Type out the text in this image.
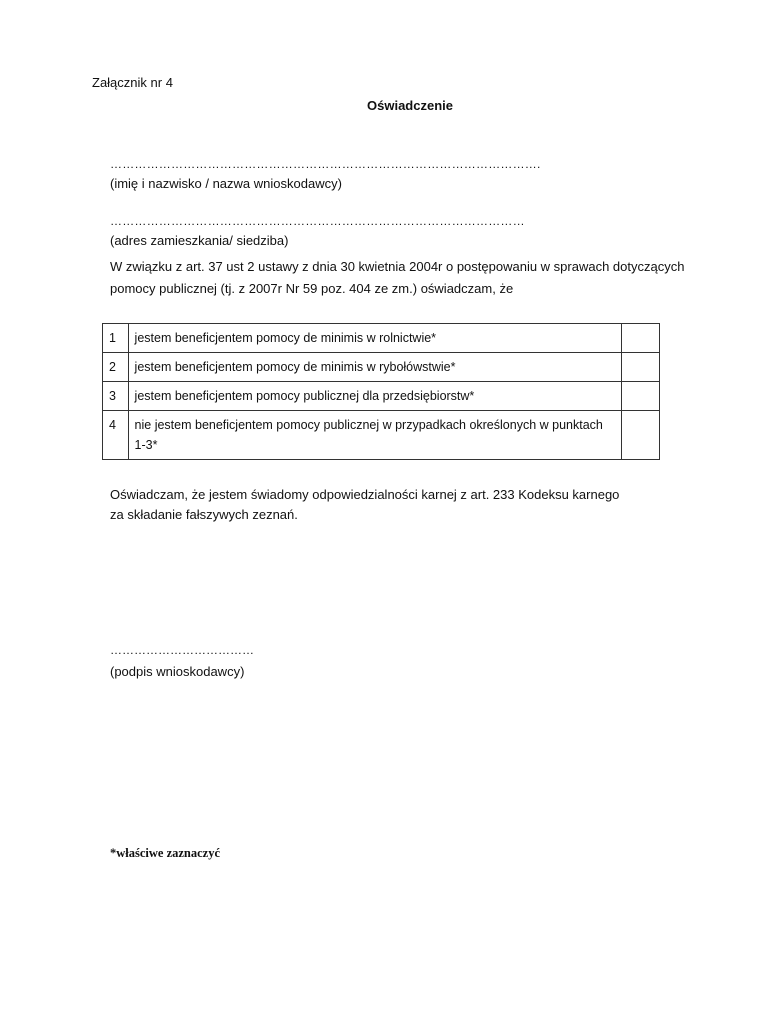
Załącznik nr 4
Oświadczenie
…………………………………………………………………………………………….
(imię i nazwisko / nazwa wnioskodawcy)
…………………………………………………………………………………………
(adres zamieszkania/ siedziba)
W związku z art. 37 ust 2 ustawy z dnia 30 kwietnia 2004r o postępowaniu w sprawach dotyczących
pomocy publicznej (tj. z 2007r Nr 59 poz. 404 ze zm.) oświadczam, że
1	jestem beneficjentem pomocy de minimis w rolnictwie*	
2	jestem beneficjentem pomocy de minimis w rybołówstwie*	
3	jestem beneficjentem pomocy publicznej dla przedsiębiorstw*	
4	nie jestem beneficjentem pomocy publicznej w przypadkach określonych w punktach
1-3*	

Oświadczam, że jestem świadomy odpowiedzialności karnej z art. 233 Kodeksu karnego
za składanie fałszywych zeznań.
………………………………
(podpis wnioskodawcy)
*właściwe zaznaczyć
